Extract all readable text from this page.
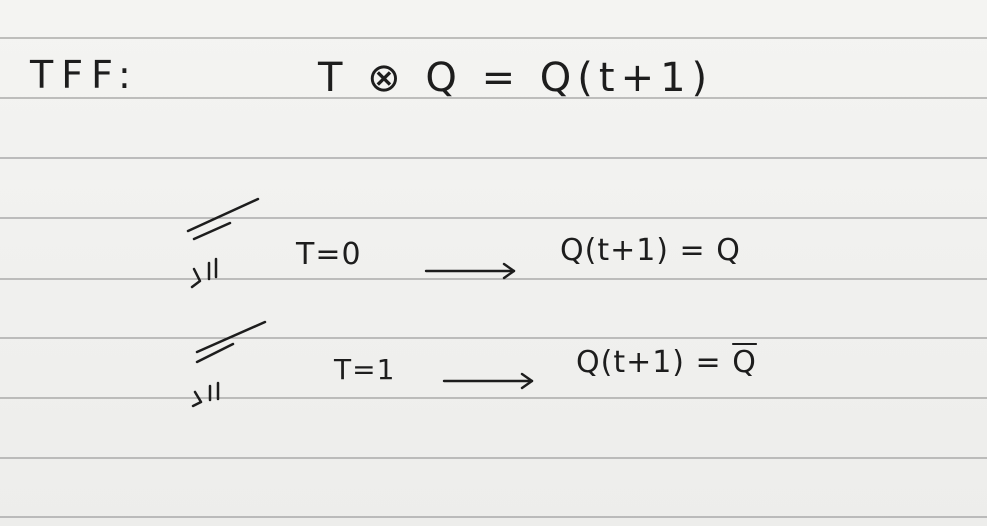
TFF:	T ⊗ Q = Q(t+1)
T=0	Q(t+1) = Q
T=1	$Q(t+1) = \overline{Q}$
